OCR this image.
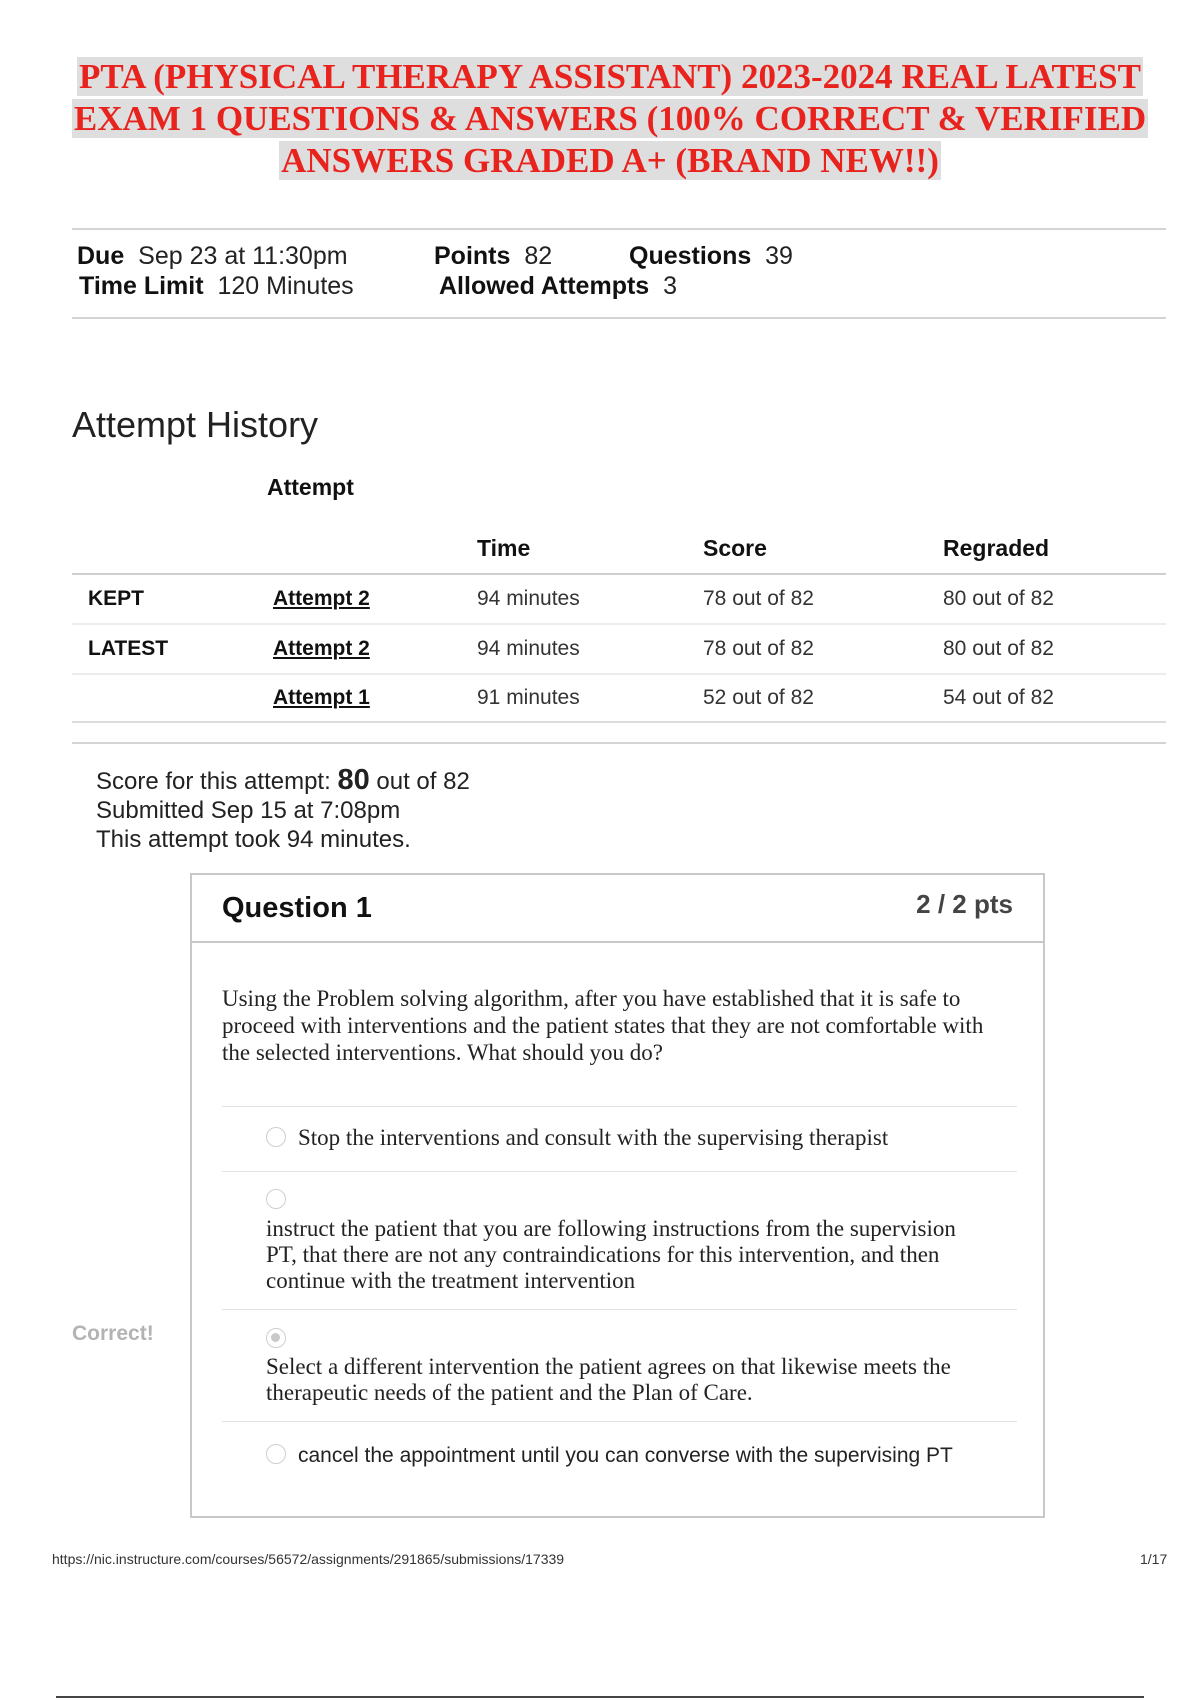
PTA (PHYSICAL THERAPY ASSISTANT) 2023-2024 REAL LATEST
EXAM 1 QUESTIONS & ANSWERS (100% CORRECT & VERIFIED
ANSWERS GRADED A+ (BRAND NEW!!)
Due Sep 23 at 11:30pm
Time Limit 120 Minutes
Points 82	Questions 39
Allowed Attempts 3
Attempt History
	Attempt			
		Time	Score	Regraded
KEPT	Attempt 2	94 minutes	78 out of 82	80 out of 82
LATEST	Attempt 2	94 minutes	78 out of 82	80 out of 82
	Attempt 1	91 minutes	52 out of 82	54 out of 82
Score for this attempt: 80 out of 82
Submitted Sep 15 at 7:08pm
This attempt took 94 minutes.
Correct!
Question 1	2 / 2 pts
Using the Problem solving algorithm, after you have established that it is safe to proceed with interventions and the patient states that they are not comfortable with the selected interventions. What should you do?
Stop the interventions and consult with the supervising therapist
instruct the patient that you are following instructions from the supervision PT, that there are not any contraindications for this intervention, and then continue with the treatment intervention
Select a different intervention the patient agrees on that likewise meets the therapeutic needs of the patient and the Plan of Care.
cancel the appointment until you can converse with the supervising PT
https://nic.instructure.com/courses/56572/assignments/291865/submissions/17339	1/17
